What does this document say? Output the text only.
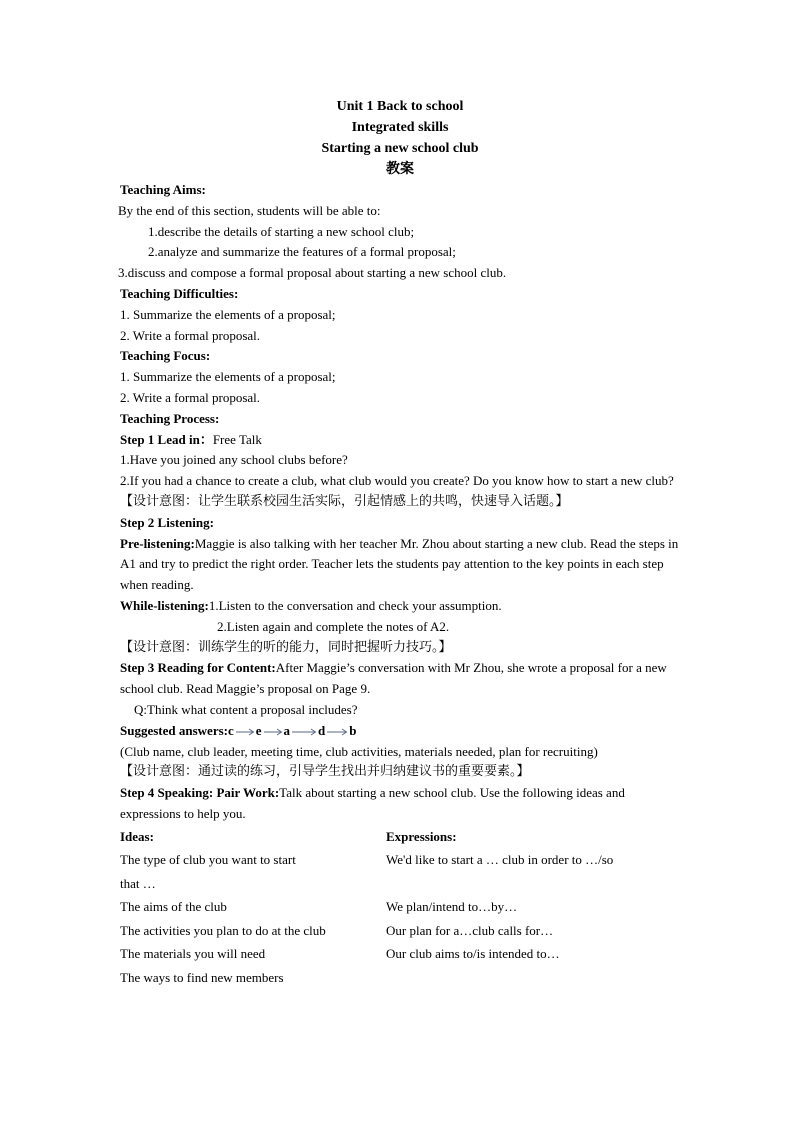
Unit 1 Back to school
Integrated skills
Starting a new school club
教案
Teaching Aims:
By the end of this section, students will be able to:
1.describe the details of starting a new school club;
2.analyze and summarize the features of a formal proposal;
3.discuss and compose a formal proposal about starting a new school club.
Teaching Difficulties:
1. Summarize the elements of a proposal;
2. Write a formal proposal.
Teaching Focus:
1. Summarize the elements of a proposal;
2. Write a formal proposal.
Teaching Process:
Step 1 Lead in：Free Talk
1.Have you joined any school clubs before?
2.If you had a chance to create a club, what club would you create? Do you know how to start a new club?
【设计意图：让学生联系校园生活实际，引起情感上的共鸣，快速导入话题。】
Step 2 Listening:
Pre-listening:Maggie is also talking with her teacher Mr. Zhou about starting a new club. Read the steps in A1 and try to predict the right order. Teacher lets the students pay attention to the key points in each step when reading.
While-listening:1.Listen to the conversation and check your assumption.
2.Listen again and complete the notes of A2.
【设计意图：训练学生的听的能力，同时把握听力技巧。】
Step 3 Reading for Content:After Maggie’s conversation with Mr Zhou, she wrote a proposal for a new school club. Read Maggie’s proposal on Page 9.
Q:Think what content a proposal includes?
Suggested answers:c e a d b
(Club name, club leader, meeting time, club activities, materials needed, plan for recruiting)
【设计意图：通过读的练习，引导学生找出并归纳建议书的重要要素。】
Step 4 Speaking: Pair Work:Talk about starting a new school club. Use the following ideas and expressions to help you.
Ideas:	Expressions:
The type of club you want to start	We'd like to start a … club in order to …/so
that …
The aims of the club	We plan/intend to…by…
The activities you plan to do at the club	Our plan for a…club calls for…
The materials you will need	Our club aims to/is intended to…
The ways to find new members
